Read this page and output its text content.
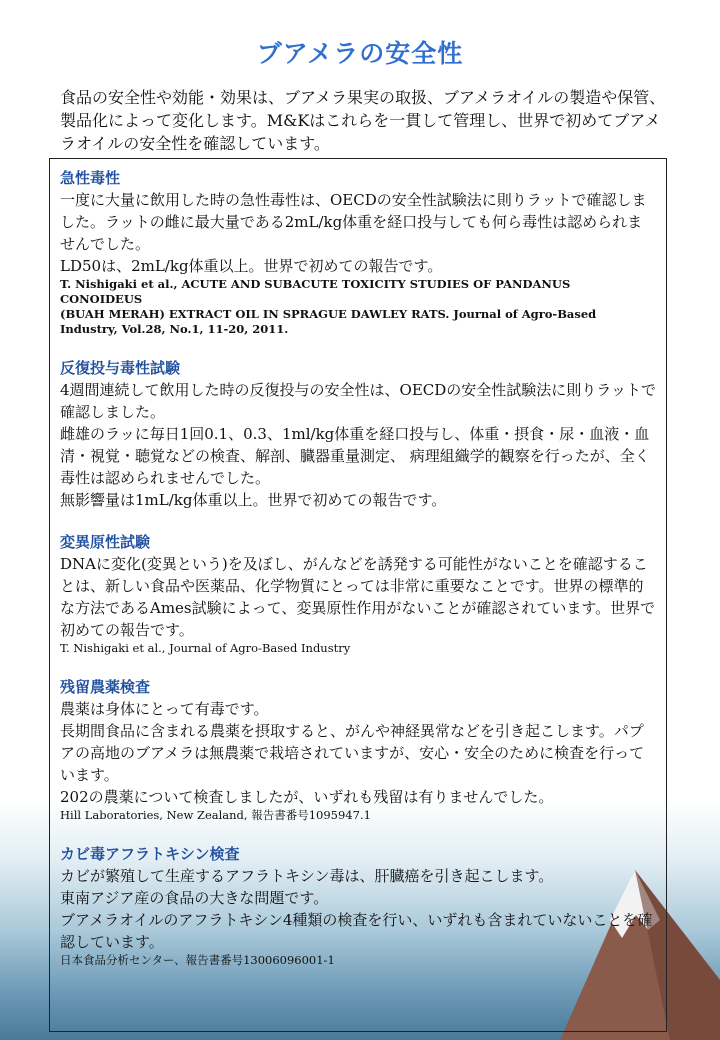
ブアメラの安全性
食品の安全性や効能・効果は、ブアメラ果実の取扱、ブアメラオイルの製造や保管、製品化によって変化します。M&Kはこれらを一貫して管理し、世界で初めてブアメラオイルの安全性を確認しています。
急性毒性

一度に大量に飲用した時の急性毒性は、OECDの安全性試験法に則りラットで確認しました。ラットの雌に最大量である2mL/kg体重を経口投与しても何ら毒性は認められませんでした。

LD50は、2mL/kg体重以上。世界で初めての報告です。

T. Nishigaki et al., ACUTE AND SUBACUTE TOXICITY STUDIES OF PANDANUS CONOIDEUS
(BUAH MERAH) EXTRACT OIL IN SPRAGUE DAWLEY RATS. Journal of Agro-Based Industry, Vol.28, No.1, 11-20, 2011.
反復投与毒性試験

4週間連続して飲用した時の反復投与の安全性は、OECDの安全性試験法に則りラットで確認しました。

雌雄のラッに毎日1回0.1、0.3、1ml/kg体重を経口投与し、体重・摂食・尿・血液・血清・視覚・聴覚などの検査、解剖、臓器重量測定、 病理組織学的観察を行ったが、全く毒性は認められませんでした。

無影響量は1mL/kg体重以上。世界で初めての報告です。

変異原性試験

DNAに変化(変異という)を及ぼし、がんなどを誘発する可能性がないことを確認することは、新しい食品や医薬品、化学物質にとっては非常に重要なことです。世界の標準的な方法であるAmes試験によって、変異原性作用がないことが確認されています。世界で初めての報告です。

T. Nishigaki et al., Journal of Agro-Based Industry
残留農薬検査

農薬は身体にとって有毒です。

長期間食品に含まれる農薬を摂取すると、がんや神経異常などを引き起こします。パプアの高地のブアメラは無農薬で栽培されていますが、安心・安全のために検査を行っています。

202の農薬について検査しましたが、いずれも残留は有りませんでした。

Hill Laboratories, New Zealand, 報告書番号1095947.1
カビ毒アフラトキシン検査

カビが繁殖して生産するアフラトキシン毒は、肝臓癌を引き起こします。

東南アジア産の食品の大きな問題です。

ブアメラオイルのアフラトキシン4種類の検査を行い、いずれも含まれていないことを確認しています。

日本食品分析センター、報告書番号13006096001-1
